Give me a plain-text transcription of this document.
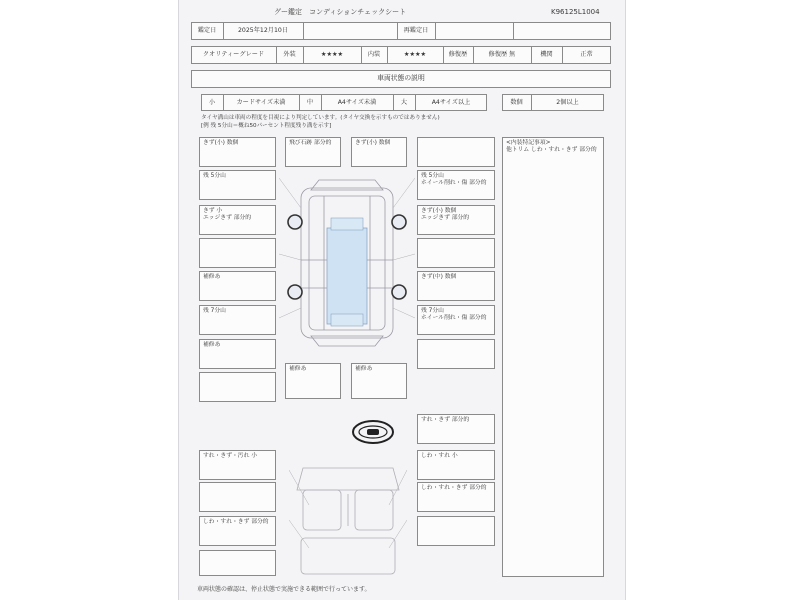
グー鑑定　コンディションチェックシート	K96125L1004
鑑定日	2025年12月10日	再鑑定日
クオリティーグレード	外装	★★★★	内装	★★★★	修復歴	修復歴 無	機関	正常
車両状態の説明
小	カードサイズ未満	中	A4サイズ未満	大	A4サイズ以上	数個	2個以上
タイヤ溝山は車両の程度を目視により判定しています。(タイヤ交換を示すものではありません)
[例 残 5分山＝概ね50パーセント程度残り溝を示す]
きず(小) 数個
残 5分山
きず 小
エッジきず 部分的
補修あ
残 7分山
補修あ
飛び石跡 部分的	きず(小) 数個
残 5分山
ホイール削れ・傷 部分的
きず(小) 数個
エッジきず 部分的
きず(中) 数個
残 7分山
ホイール削れ・傷 部分的
補修あ	補修あ
<内装特記事項>
他トリム しわ・すれ・きず 部分的
すれ・きず 部分的
しわ・すれ 小
しわ・すれ・きず 部分的
すれ・きず・汚れ 小
しわ・すれ・きず 部分的
車両状態の確認は、停止状態で実施できる範囲で行っています。
